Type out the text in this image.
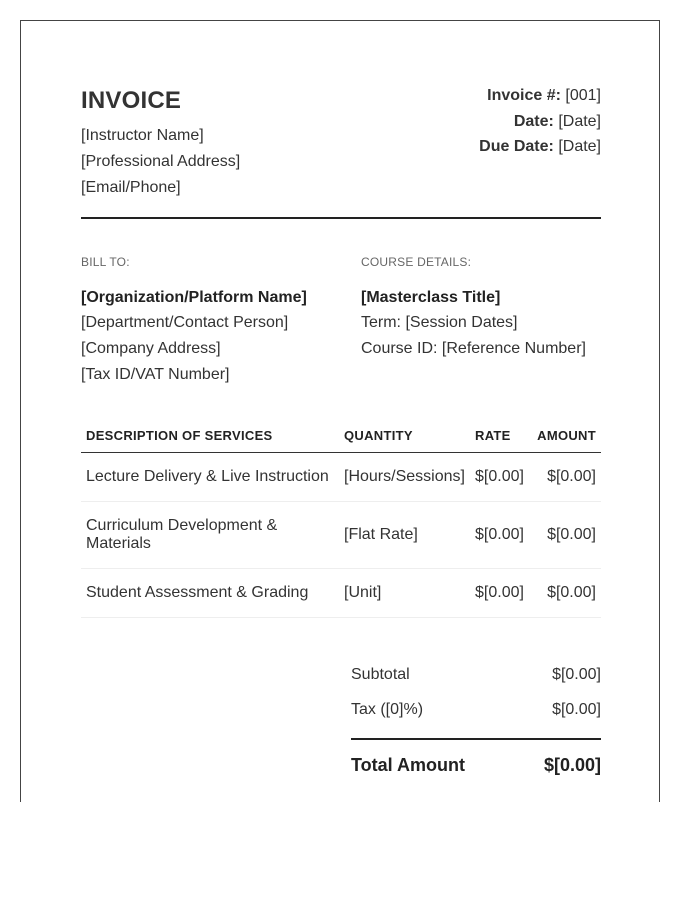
INVOICE
[Instructor Name]
[Professional Address]
[Email/Phone]
Invoice #: [001]
Date: [Date]
Due Date: [Date]
BILL TO:
[Organization/Platform Name]
[Department/Contact Person]
[Company Address]
[Tax ID/VAT Number]
COURSE DETAILS:
[Masterclass Title]
Term: [Session Dates]
Course ID: [Reference Number]
DESCRIPTION OF SERVICES	QUANTITY	RATE	AMOUNT
Lecture Delivery & Live Instruction	[Hours/Sessions]	$[0.00]	$[0.00]
Curriculum Development & Materials	[Flat Rate]	$[0.00]	$[0.00]
Student Assessment & Grading	[Unit]	$[0.00]	$[0.00]
Subtotal	$[0.00]
Tax ([0]%)	$[0.00]
Total Amount	$[0.00]
